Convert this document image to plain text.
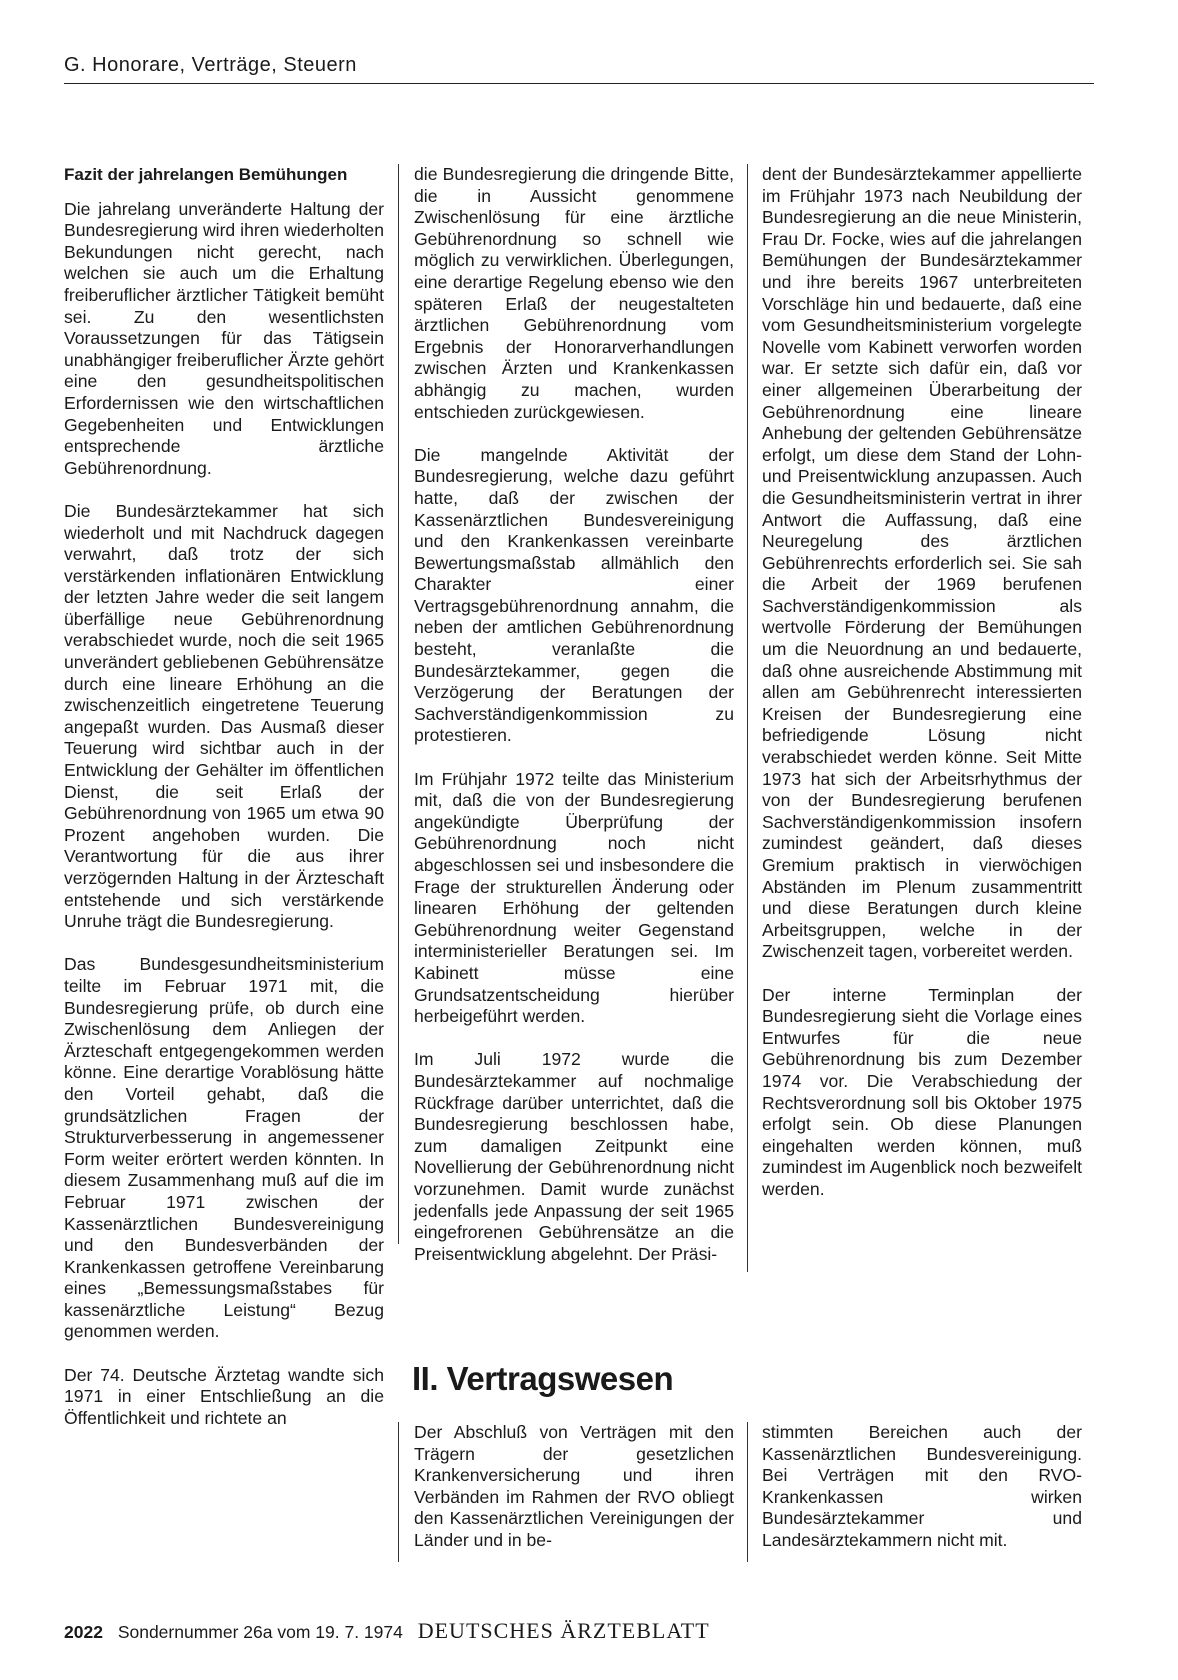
G. Honorare, Verträge, Steuern
Fazit der jahrelangen Bemühungen

Die jahrelang unveränderte Haltung der Bundesregierung wird ihren wiederholten Bekundungen nicht gerecht, nach welchen sie auch um die Erhaltung freiberuflicher ärztlicher Tätigkeit bemüht sei. Zu den wesentlichsten Voraussetzungen für das Tätigsein unabhängiger freiberuflicher Ärzte gehört eine den gesundheitspolitischen Erfordernissen wie den wirtschaftlichen Gegebenheiten und Entwicklungen entsprechende ärztliche Gebührenordnung.

Die Bundesärztekammer hat sich wiederholt und mit Nachdruck dagegen verwahrt, daß trotz der sich verstärkenden inflationären Entwicklung der letzten Jahre weder die seit langem überfällige neue Gebührenordnung verabschiedet wurde, noch die seit 1965 unverändert gebliebenen Gebührensätze durch eine lineare Erhöhung an die zwischenzeitlich eingetretene Teuerung angepaßt wurden. Das Ausmaß dieser Teuerung wird sichtbar auch in der Entwicklung der Gehälter im öffentlichen Dienst, die seit Erlaß der Gebührenordnung von 1965 um etwa 90 Prozent angehoben wurden. Die Verantwortung für die aus ihrer verzögernden Haltung in der Ärzteschaft entstehende und sich verstärkende Unruhe trägt die Bundesregierung.

Das Bundesgesundheitsministerium teilte im Februar 1971 mit, die Bundesregierung prüfe, ob durch eine Zwischenlösung dem Anliegen der Ärzteschaft entgegengekommen werden könne. Eine derartige Vorablösung hätte den Vorteil gehabt, daß die grundsätzlichen Fragen der Strukturverbesserung in angemessener Form weiter erörtert werden könnten. In diesem Zusammenhang muß auf die im Februar 1971 zwischen der Kassenärztlichen Bundesvereinigung und den Bundesverbänden der Krankenkassen getroffene Vereinbarung eines „Bemessungsmaßstabes für kassenärztliche Leistung“ Bezug genommen werden.

Der 74. Deutsche Ärztetag wandte sich 1971 in einer Entschließung an die Öffentlichkeit und richtete an

die Bundesregierung die dringende Bitte, die in Aussicht genommene Zwischenlösung für eine ärztliche Gebührenordnung so schnell wie möglich zu verwirklichen. Überlegungen, eine derartige Regelung ebenso wie den späteren Erlaß der neugestalteten ärztlichen Gebührenordnung vom Ergebnis der Honorarverhandlungen zwischen Ärzten und Krankenkassen abhängig zu machen, wurden entschieden zurückgewiesen.

Die mangelnde Aktivität der Bundesregierung, welche dazu geführt hatte, daß der zwischen der Kassenärztlichen Bundesvereinigung und den Krankenkassen vereinbarte Bewertungsmaßstab allmählich den Charakter einer Vertragsgebührenordnung annahm, die neben der amtlichen Gebührenordnung besteht, veranlaßte die Bundesärztekammer, gegen die Verzögerung der Beratungen der Sachverständigenkommission zu protestieren.

Im Frühjahr 1972 teilte das Ministerium mit, daß die von der Bundesregierung angekündigte Überprüfung der Gebührenordnung noch nicht abgeschlossen sei und insbesondere die Frage der strukturellen Änderung oder linearen Erhöhung der geltenden Gebührenordnung weiter Gegenstand interministerieller Beratungen sei. Im Kabinett müsse eine Grundsatzentscheidung hierüber herbeigeführt werden.

Im Juli 1972 wurde die Bundesärztekammer auf nochmalige Rückfrage darüber unterrichtet, daß die Bundesregierung beschlossen habe, zum damaligen Zeitpunkt eine Novellierung der Gebührenordnung nicht vorzunehmen. Damit wurde zunächst jedenfalls jede Anpassung der seit 1965 eingefrorenen Gebührensätze an die Preisentwicklung abgelehnt. Der Präsi-

dent der Bundesärztekammer appellierte im Frühjahr 1973 nach Neubildung der Bundesregierung an die neue Ministerin, Frau Dr. Focke, wies auf die jahrelangen Bemühungen der Bundesärztekammer und ihre bereits 1967 unterbreiteten Vorschläge hin und bedauerte, daß eine vom Gesundheitsministerium vorgelegte Novelle vom Kabinett verworfen worden war. Er setzte sich dafür ein, daß vor einer allgemeinen Überarbeitung der Gebührenordnung eine lineare Anhebung der geltenden Gebührensätze erfolgt, um diese dem Stand der Lohn- und Preisentwicklung anzupassen. Auch die Gesundheitsministerin vertrat in ihrer Antwort die Auffassung, daß eine Neuregelung des ärztlichen Gebührenrechts erforderlich sei. Sie sah die Arbeit der 1969 berufenen Sachverständigenkommission als wertvolle Förderung der Bemühungen um die Neuordnung an und bedauerte, daß ohne ausreichende Abstimmung mit allen am Gebührenrecht interessierten Kreisen der Bundesregierung eine befriedigende Lösung nicht verabschiedet werden könne. Seit Mitte 1973 hat sich der Arbeitsrhythmus der von der Bundesregierung berufenen Sachverständigenkommission insofern zumindest geändert, daß dieses Gremium praktisch in vierwöchigen Abständen im Plenum zusammentritt und diese Beratungen durch kleine Arbeitsgruppen, welche in der Zwischenzeit tagen, vorbereitet werden.

Der interne Terminplan der Bundesregierung sieht die Vorlage eines Entwurfes für die neue Gebührenordnung bis zum Dezember 1974 vor. Die Verabschiedung der Rechtsverordnung soll bis Oktober 1975 erfolgt sein. Ob diese Planungen eingehalten werden können, muß zumindest im Augenblick noch bezweifelt werden.

II. Vertragswesen

Der Abschluß von Verträgen mit den Trägern der gesetzlichen Krankenversicherung und ihren Verbänden im Rahmen der RVO obliegt den Kassenärztlichen Vereinigungen der Länder und in be-

stimmten Bereichen auch der Kassenärztlichen Bundesvereinigung. Bei Verträgen mit den RVO-Krankenkassen wirken Bundesärztekammer und Landesärztekammern nicht mit.

2022 Sondernummer 26a vom 19. 7. 1974 DEUTSCHES ÄRZTEBLATT
